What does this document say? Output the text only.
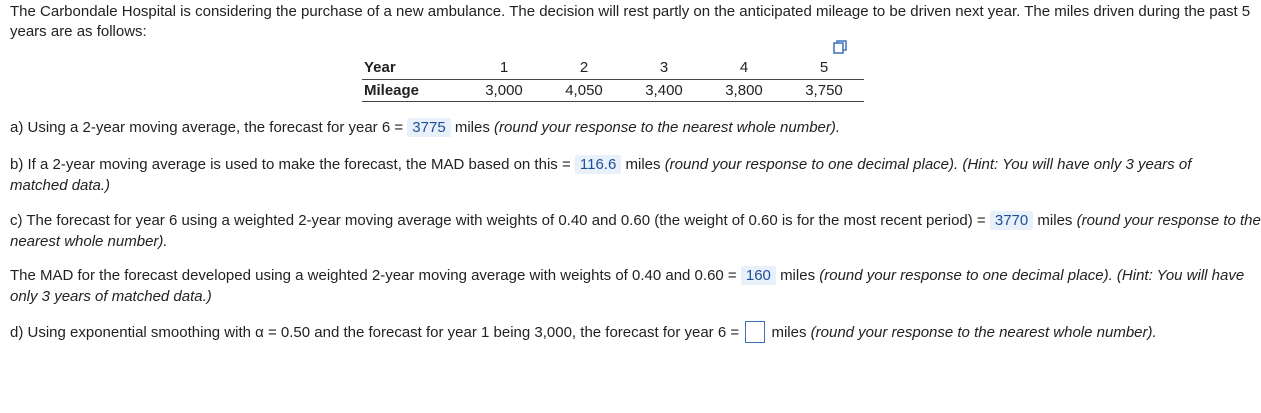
The Carbondale Hospital is considering the purchase of a new ambulance. The decision will rest partly on the anticipated mileage to be driven next year. The miles driven during the past 5
years are as follows:
Year	1	2	3	4	5
Mileage	3,000	4,050	3,400	3,800	3,750
a) Using a 2-year moving average, the forecast for year 6 = 3775 miles (round your response to the nearest whole number).
b) If a 2-year moving average is used to make the forecast, the MAD based on this = 116.6 miles (round your response to one decimal place). (Hint: You will have only 3 years of
matched data.)
c) The forecast for year 6 using a weighted 2-year moving average with weights of 0.40 and 0.60 (the weight of 0.60 is for the most recent period) = 3770 miles (round your response to the
nearest whole number).
The MAD for the forecast developed using a weighted 2-year moving average with weights of 0.40 and 0.60 = 160 miles (round your response to one decimal place). (Hint: You will have
only 3 years of matched data.)
d) Using exponential smoothing with α = 0.50 and the forecast for year 1 being 3,000, the forecast for year 6 = miles (round your response to the nearest whole number).
